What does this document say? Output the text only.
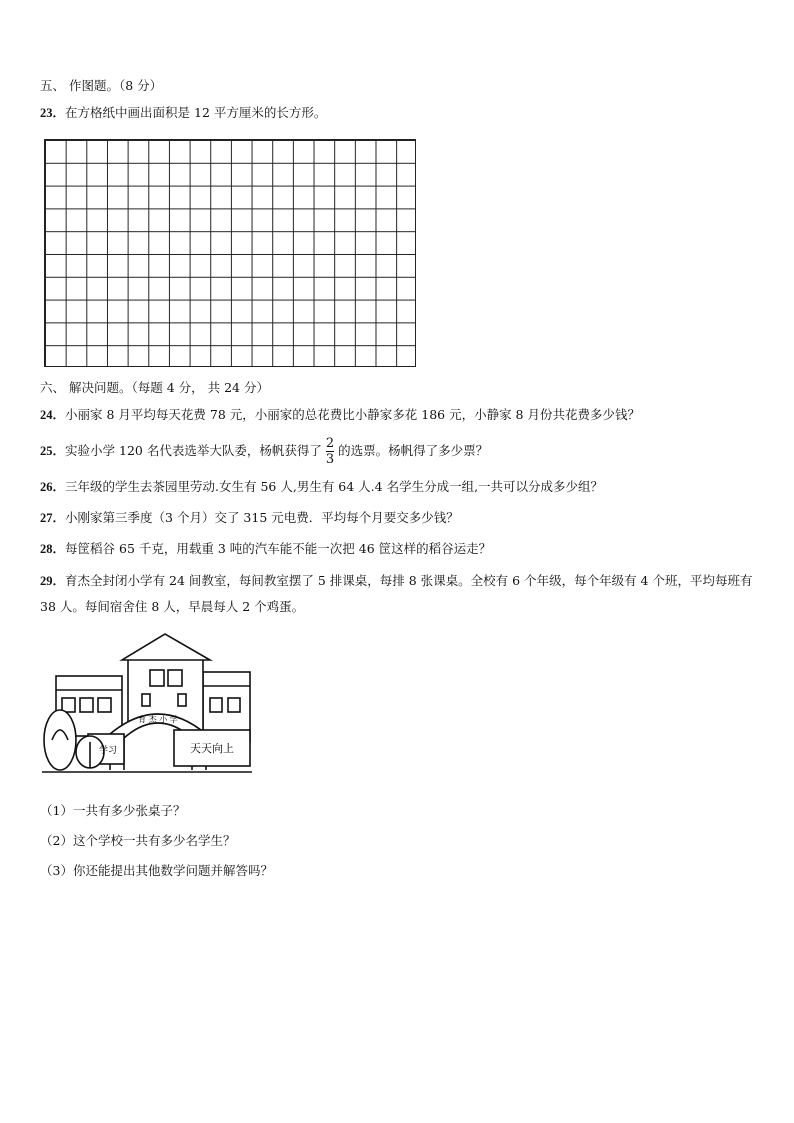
五、 作图题。（8 分）
23．在方格纸中画出面积是 12 平方厘米的长方形。
六、 解决问题。（每题 4 分， 共 24 分）
24．小丽家 8 月平均每天花费 78 元，小丽家的总花费比小静家多花 186 元，小静家 8 月份共花费多少钱？
25．实验小学 120 名代表选举大队委，杨帆获得了 $\frac{2}{3}$ 的选票。杨帆得了多少票？
26．三年级的学生去茶园里劳动.女生有 56 人,男生有 64 人.4 名学生分成一组,一共可以分成多少组？
27．小刚家第三季度（3 个月）交了 315 元电费．平均每个月要交多少钱？
28．每筐稻谷 65 千克，用载重 3 吨的汽车能不能一次把 46 筐这样的稻谷运走？
29．育杰全封闭小学有 24 间教室，每间教室摆了 5 排课桌，每排 8 张课桌。全校有 6 个年级，每个年级有 4 个班，平均每班有 38 人。每间宿舍住 8 人，早晨每人 2 个鸡蛋。
育 杰 小 学
学习	天天向上
（1）一共有多少张桌子？
（2）这个学校一共有多少名学生？
（3）你还能提出其他数学问题并解答吗？
